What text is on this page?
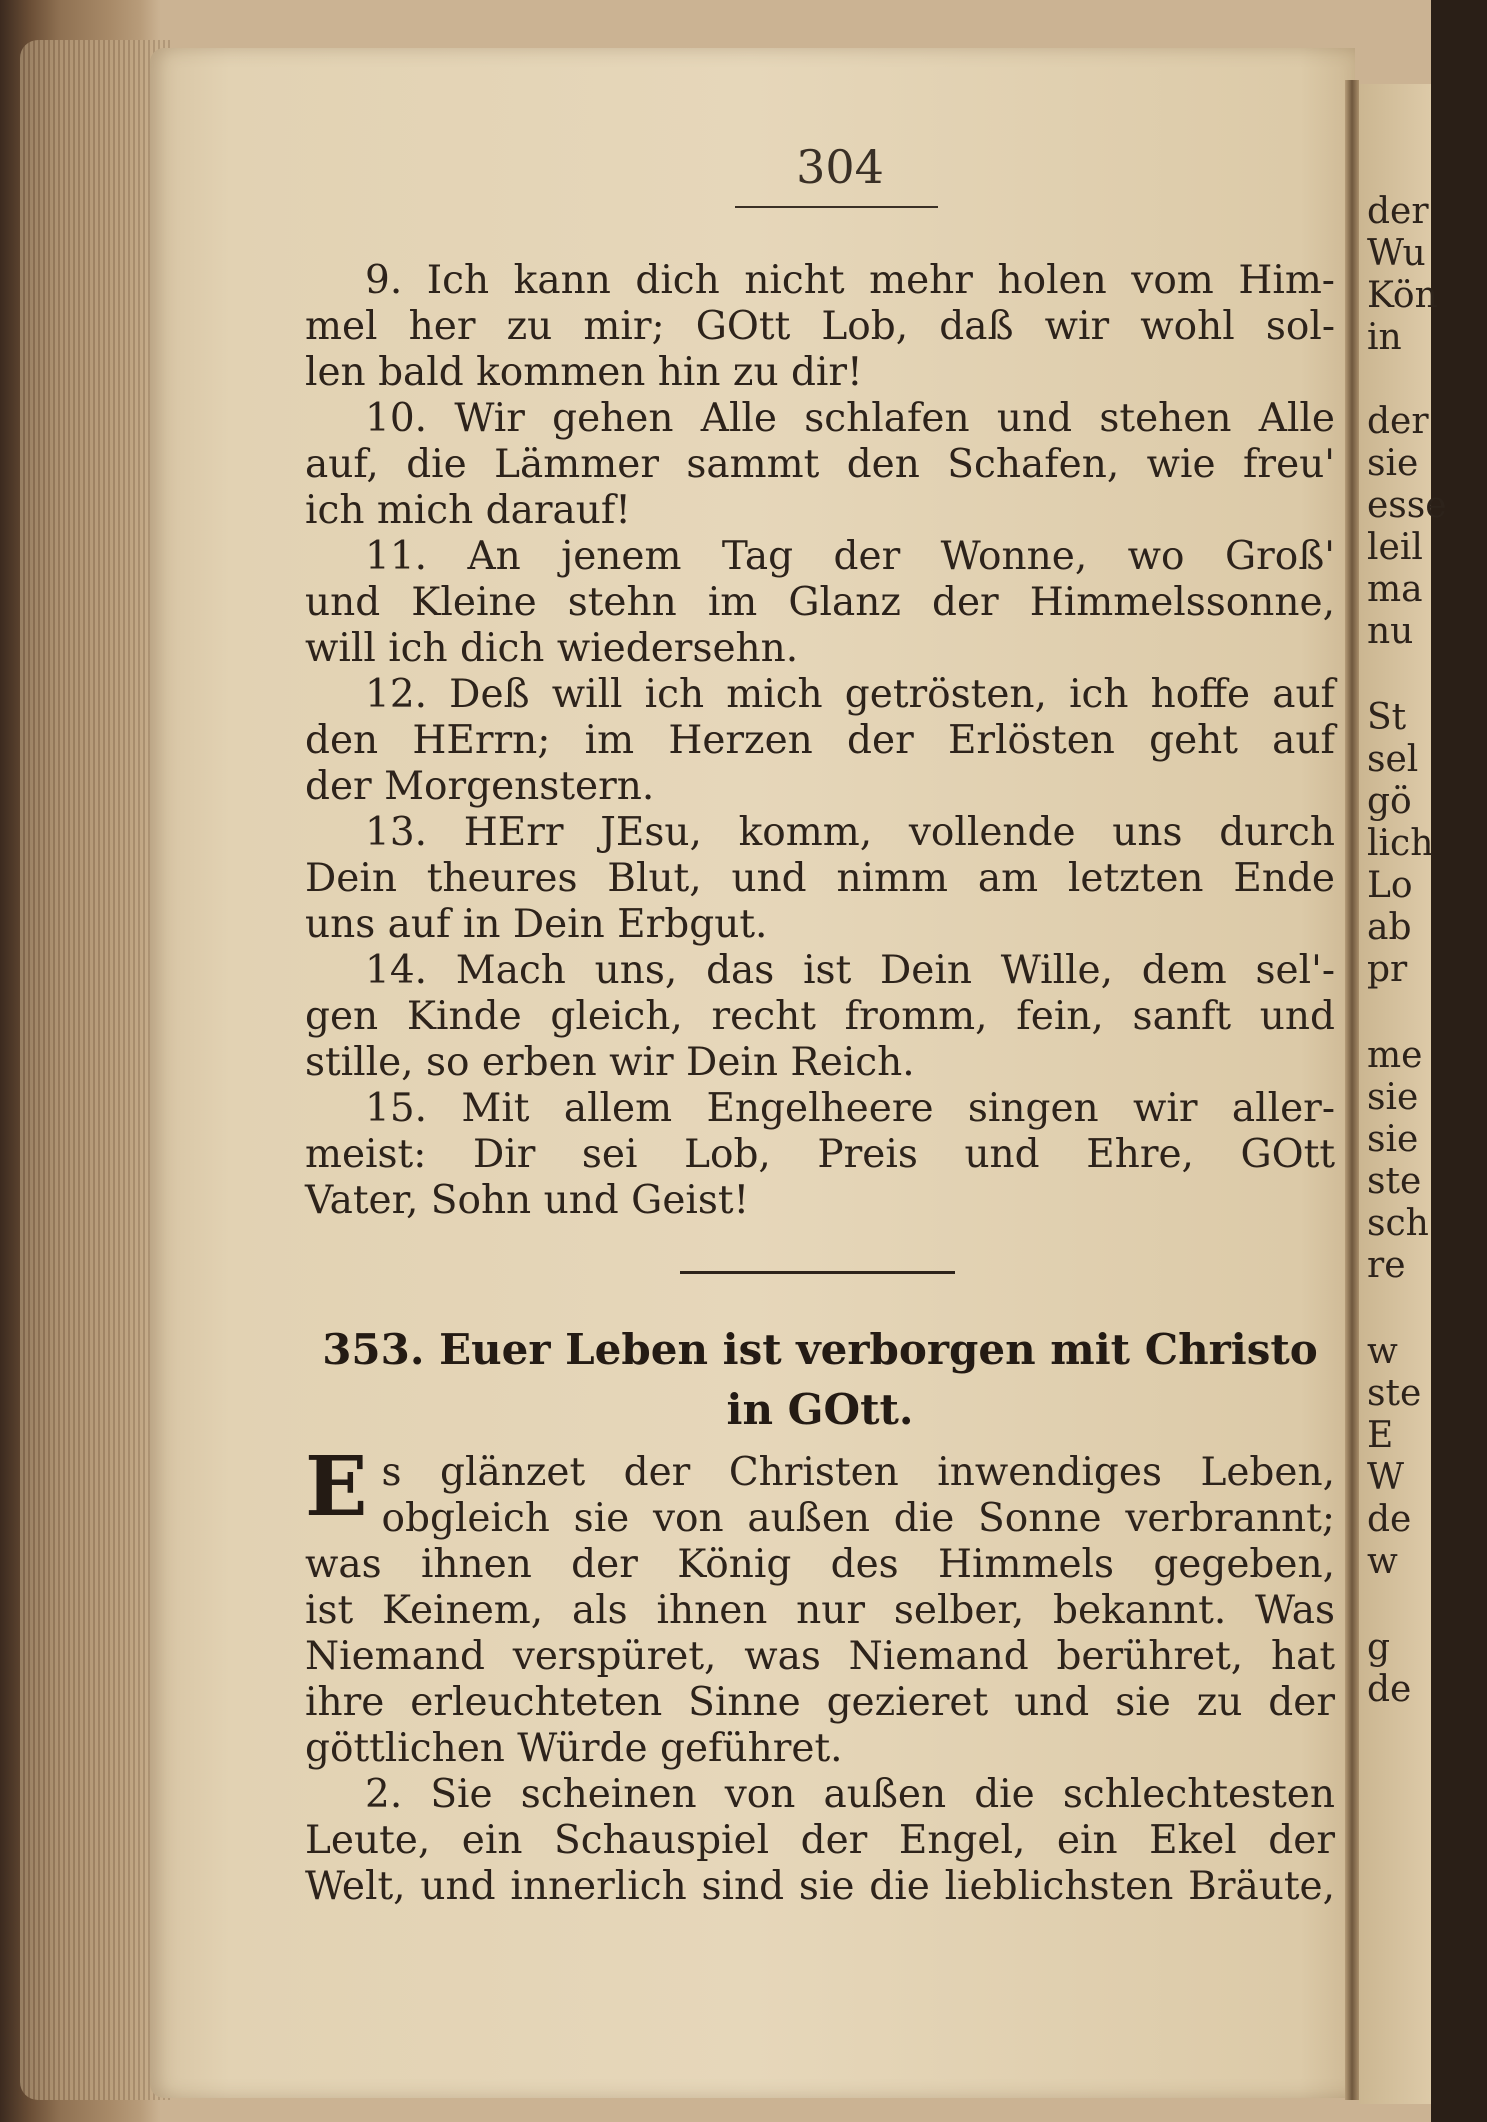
der
Wu
Kön
in
der
sie
esse
leil
ma
nu
St
sel
gö
lich
Lo
ab
pr
me
sie
sie
ste
sch
re
w
ste
E
W
de
w
g
de
304
9. Ich kann dich nicht mehr holen vom Him-
mel her zu mir; GOtt Lob, daß wir wohl sol-
len bald kommen hin zu dir!
10. Wir gehen Alle schlafen und stehen Alle
auf, die Lämmer sammt den Schafen, wie freu'
ich mich darauf!
11. An jenem Tag der Wonne, wo Groß'
und Kleine stehn im Glanz der Himmelssonne,
will ich dich wiedersehn.
12. Deß will ich mich getrösten, ich hoffe auf
den HErrn; im Herzen der Erlösten geht auf
der Morgenstern.
13. HErr JEsu, komm, vollende uns durch
Dein theures Blut, und nimm am letzten Ende
uns auf in Dein Erbgut.
14. Mach uns, das ist Dein Wille, dem sel'-
gen Kinde gleich, recht fromm, fein, sanft und
stille, so erben wir Dein Reich.
15. Mit allem Engelheere singen wir aller-
meist: Dir sei Lob, Preis und Ehre, GOtt
Vater, Sohn und Geist!
353. Euer Leben ist verborgen mit Christo
in GOtt.
E s glänzet der Christen inwendiges Leben,
obgleich sie von außen die Sonne verbrannt;
was ihnen der König des Himmels gegeben,
ist Keinem, als ihnen nur selber, bekannt. Was
Niemand verspüret, was Niemand berühret, hat
ihre erleuchteten Sinne gezieret und sie zu der
göttlichen Würde geführet.
2. Sie scheinen von außen die schlechtesten
Leute, ein Schauspiel der Engel, ein Ekel der
Welt, und innerlich sind sie die lieblichsten Bräute,
